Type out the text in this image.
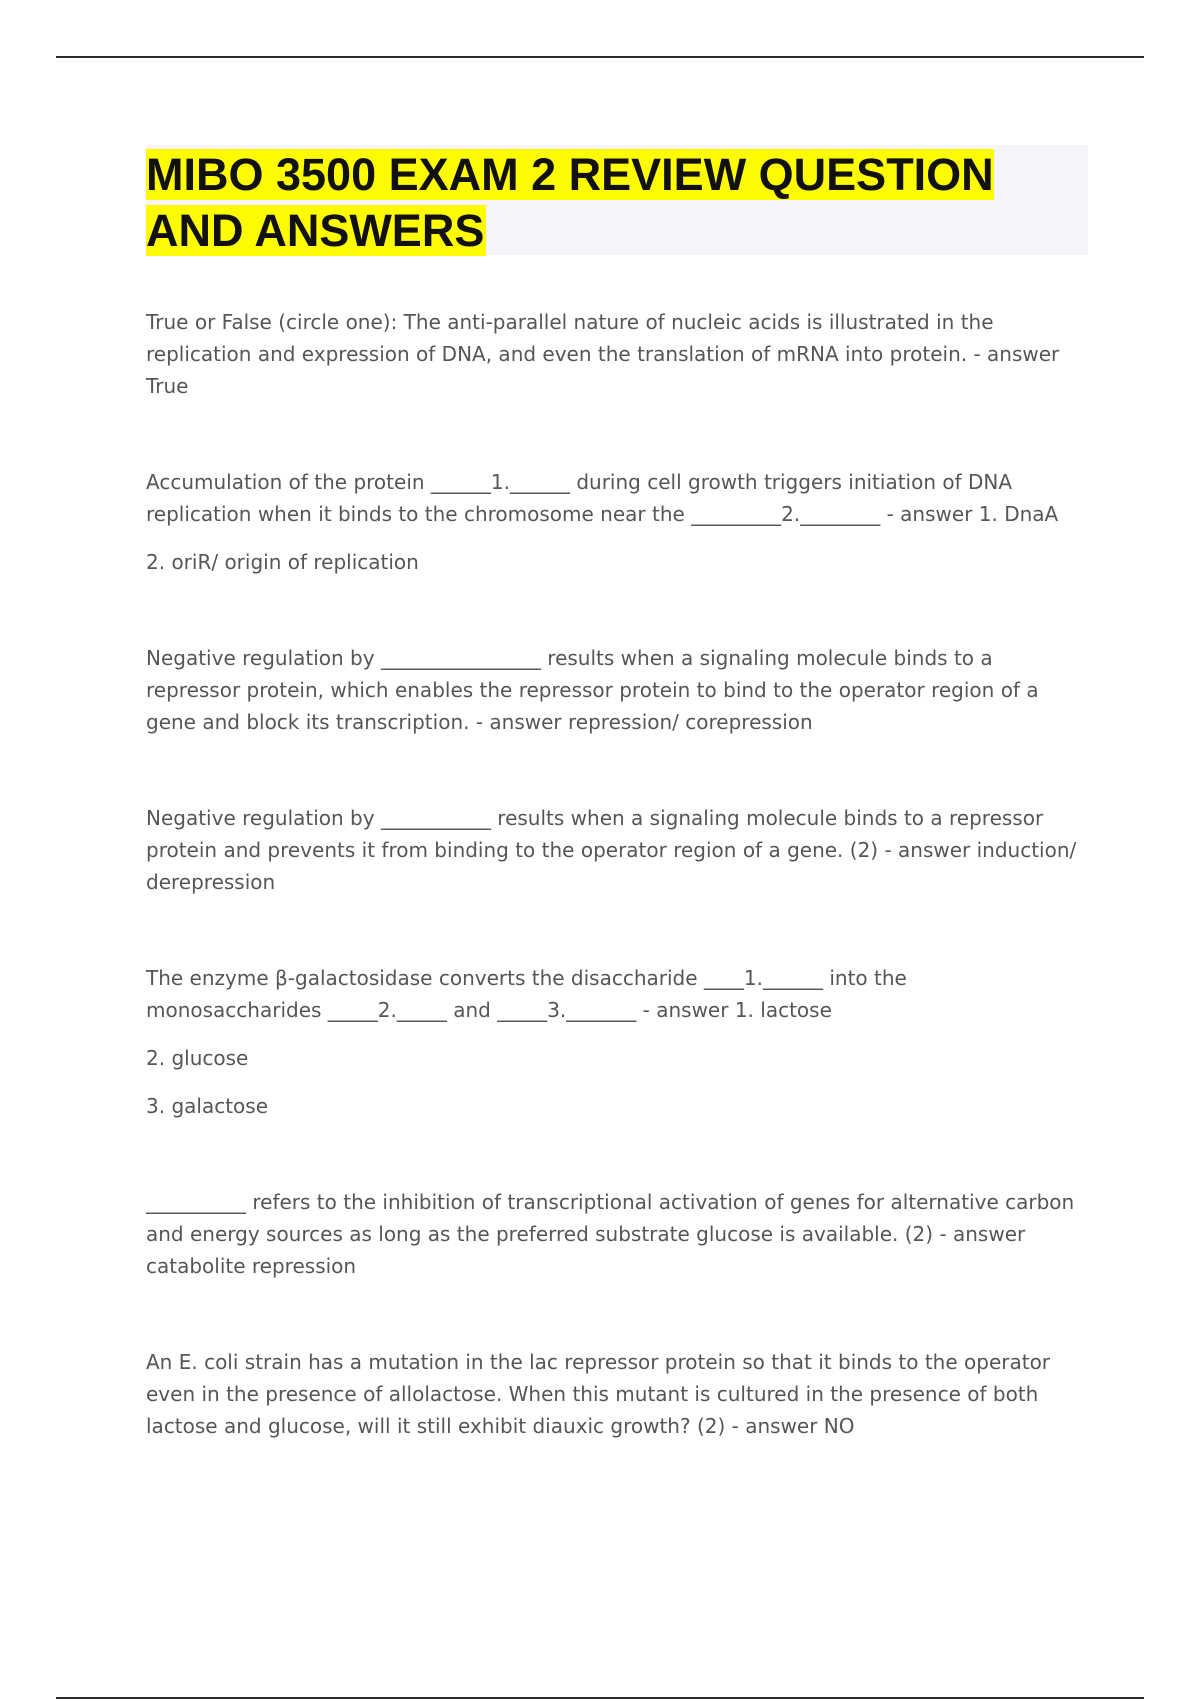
MIBO 3500 EXAM 2 REVIEW QUESTION AND ANSWERS

True or False (circle one): The anti-parallel nature of nucleic acids is illustrated in the replication and expression of DNA, and even the translation of mRNA into protein. - answer True

Accumulation of the protein ______1.______ during cell growth triggers initiation of DNA replication when it binds to the chromosome near the _________2.________ - answer 1. DnaA

2. oriR/ origin of replication

Negative regulation by ________________ results when a signaling molecule binds to a repressor protein, which enables the repressor protein to bind to the operator region of a gene and block its transcription. - answer repression/ corepression

Negative regulation by ___________ results when a signaling molecule binds to a repressor protein and prevents it from binding to the operator region of a gene. (2) - answer induction/ derepression

The enzyme β-galactosidase converts the disaccharide ____1.______ into the monosaccharides _____2._____ and _____3._______ - answer 1. lactose

2. glucose

3. galactose

__________ refers to the inhibition of transcriptional activation of genes for alternative carbon and energy sources as long as the preferred substrate glucose is available. (2) - answer catabolite repression

An E. coli strain has a mutation in the lac repressor protein so that it binds to the operator even in the presence of allolactose. When this mutant is cultured in the presence of both lactose and glucose, will it still exhibit diauxic growth? (2) - answer NO
